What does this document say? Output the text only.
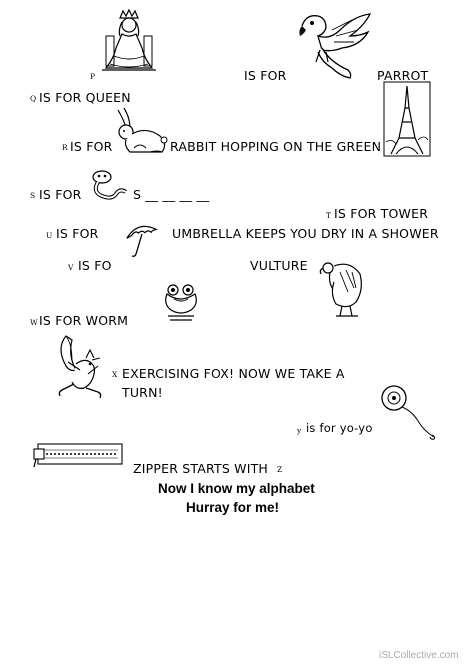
P	IS FOR	PARROT
Q IS FOR QUEEN
R IS FOR	RABBIT HOPPING ON THE GREEN
S IS FOR	S __ __ __ __
T IS FOR TOWER
U IS FOR	UMBRELLA KEEPS YOU DRY IN A SHOWER
V IS FO	VULTURE
W IS FOR WORM
X EXERCISING FOX! NOW WE TAKE A
TURN!
y is for yo-yo
ZIPPER STARTS WITH Z
Now I know my alphabet
Hurray for me!
iSLCollective.com
